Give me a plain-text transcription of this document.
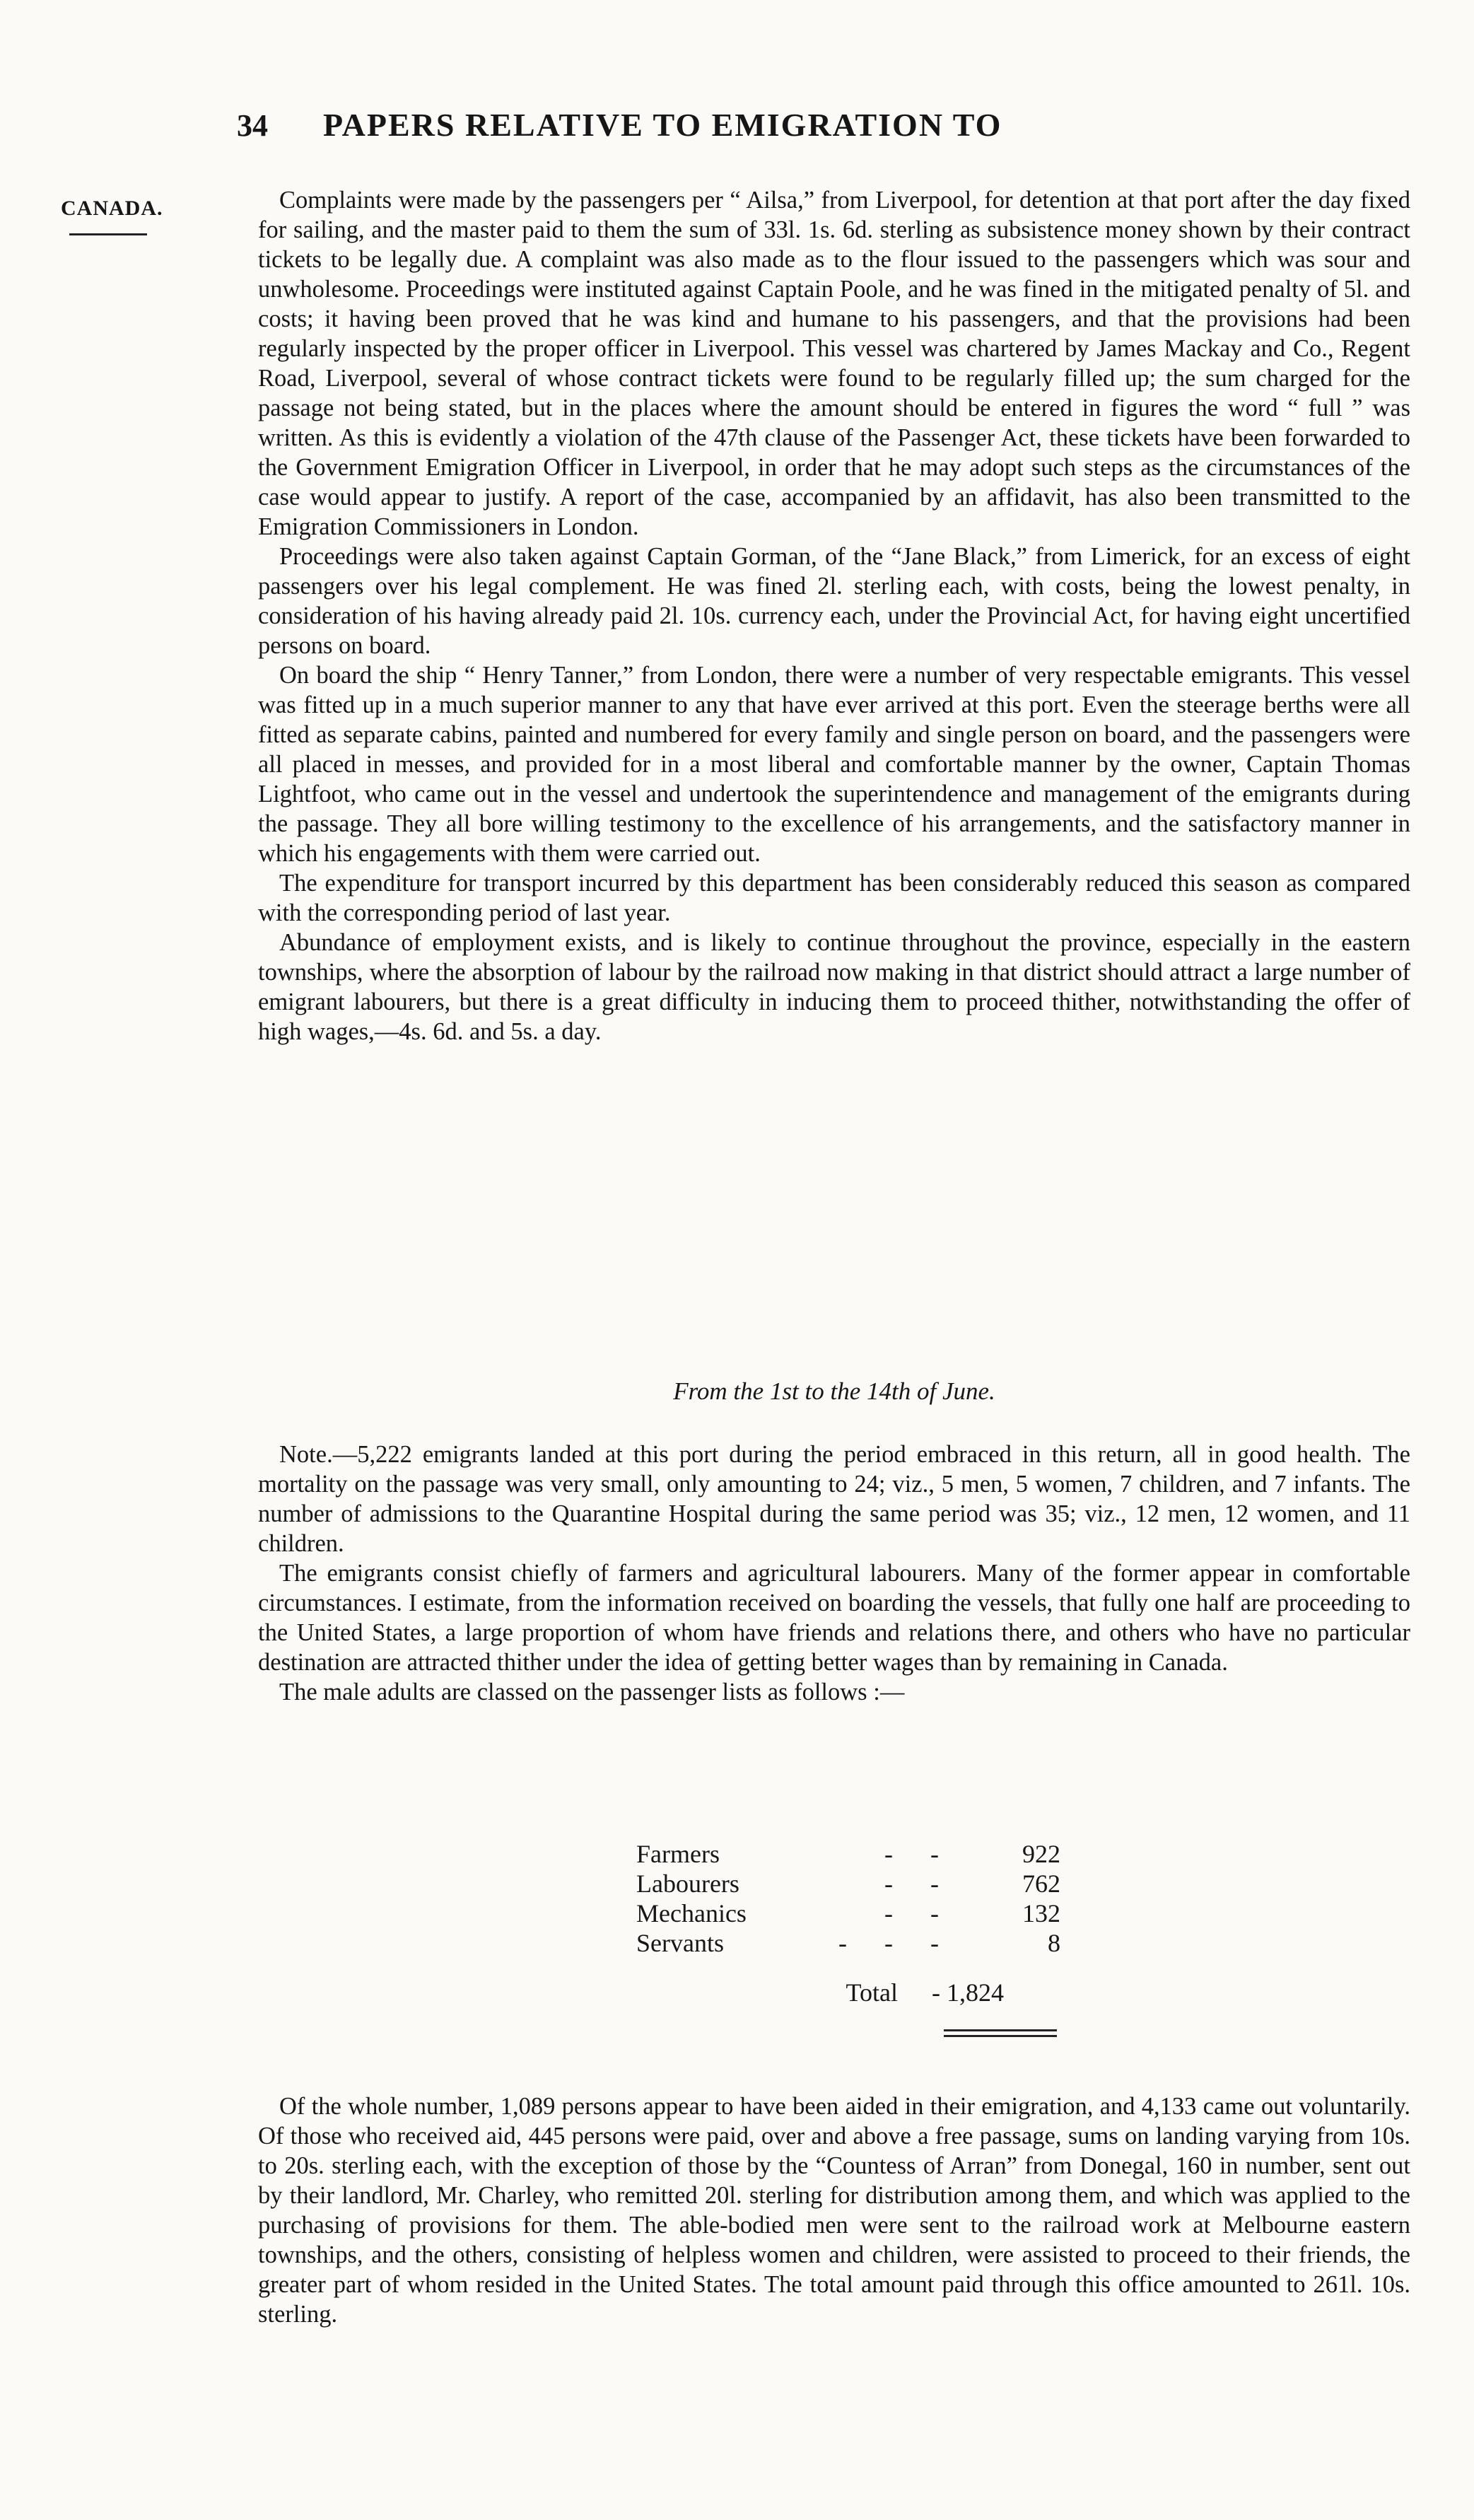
34 PAPERS RELATIVE TO EMIGRATION TO
CANADA.	Complaints were made by the passengers per “ Ailsa,” from Liverpool, for detention at that port after the day fixed for sailing, and the master paid to them the sum of 33l. 1s. 6d. sterling as subsistence money shown by their contract tickets to be legally due. A complaint was also made as to the flour issued to the passengers which was sour and unwholesome. Proceedings were instituted against Captain Poole, and he was fined in the mitigated penalty of 5l. and costs; it having been proved that he was kind and humane to his passengers, and that the provisions had been regularly inspected by the proper officer in Liverpool. This vessel was chartered by James Mackay and Co., Regent Road, Liverpool, several of whose contract tickets were found to be regularly filled up; the sum charged for the passage not being stated, but in the places where the amount should be entered in figures the word “ full ” was written. As this is evidently a violation of the 47th clause of the Passenger Act, these tickets have been forwarded to the Government Emigration Officer in Liverpool, in order that he may adopt such steps as the circumstances of the case would appear to justify. A report of the case, accompanied by an affidavit, has also been transmitted to the Emigration Commissioners in London.

Proceedings were also taken against Captain Gorman, of the “Jane Black,” from Limerick, for an excess of eight passengers over his legal complement. He was fined 2l. sterling each, with costs, being the lowest penalty, in consideration of his having already paid 2l. 10s. currency each, under the Provincial Act, for having eight uncertified persons on board.

On board the ship “ Henry Tanner,” from London, there were a number of very respectable emigrants. This vessel was fitted up in a much superior manner to any that have ever arrived at this port. Even the steerage berths were all fitted as separate cabins, painted and numbered for every family and single person on board, and the passengers were all placed in messes, and provided for in a most liberal and comfortable manner by the owner, Captain Thomas Lightfoot, who came out in the vessel and undertook the superintendence and management of the emigrants during the passage. They all bore willing testimony to the excellence of his arrangements, and the satisfactory manner in which his engagements with them were carried out.

The expenditure for transport incurred by this department has been considerably reduced this season as compared with the corresponding period of last year.

Abundance of employment exists, and is likely to continue throughout the province, especially in the eastern townships, where the absorption of labour by the railroad now making in that district should attract a large number of emigrant labourers, but there is a great difficulty in inducing them to proceed thither, notwithstanding the offer of high wages,—4s. 6d. and 5s. a day.

From the 1st to the 14th of June.

Note.—5,222 emigrants landed at this port during the period embraced in this return, all in good health. The mortality on the passage was very small, only amounting to 24; viz., 5 men, 5 women, 7 children, and 7 infants. The number of admissions to the Quarantine Hospital during the same period was 35; viz., 12 men, 12 women, and 11 children.

The emigrants consist chiefly of farmers and agricultural labourers. Many of the former appear in comfortable circumstances. I estimate, from the information received on boarding the vessels, that fully one half are proceeding to the United States, a large proportion of whom have friends and relations there, and others who have no particular destination are attracted thither under the idea of getting better wages than by remaining in Canada.

The male adults are classed on the passenger lists as follows :—

Farmers	- -	922
Labourers	- -	762
Mechanics	- -	132
Servants	- - -	8
Total	- 1,824

Of the whole number, 1,089 persons appear to have been aided in their emigration, and 4,133 came out voluntarily. Of those who received aid, 445 persons were paid, over and above a free passage, sums on landing varying from 10s. to 20s. sterling each, with the exception of those by the “Countess of Arran” from Donegal, 160 in number, sent out by their landlord, Mr. Charley, who remitted 20l. sterling for distribution among them, and which was applied to the purchasing of provisions for them. The able-bodied men were sent to the railroad work at Melbourne eastern townships, and the others, consisting of helpless women and children, were assisted to proceed to their friends, the greater part of whom resided in the United States. The total amount paid through this office amounted to 261l. 10s. sterling.
